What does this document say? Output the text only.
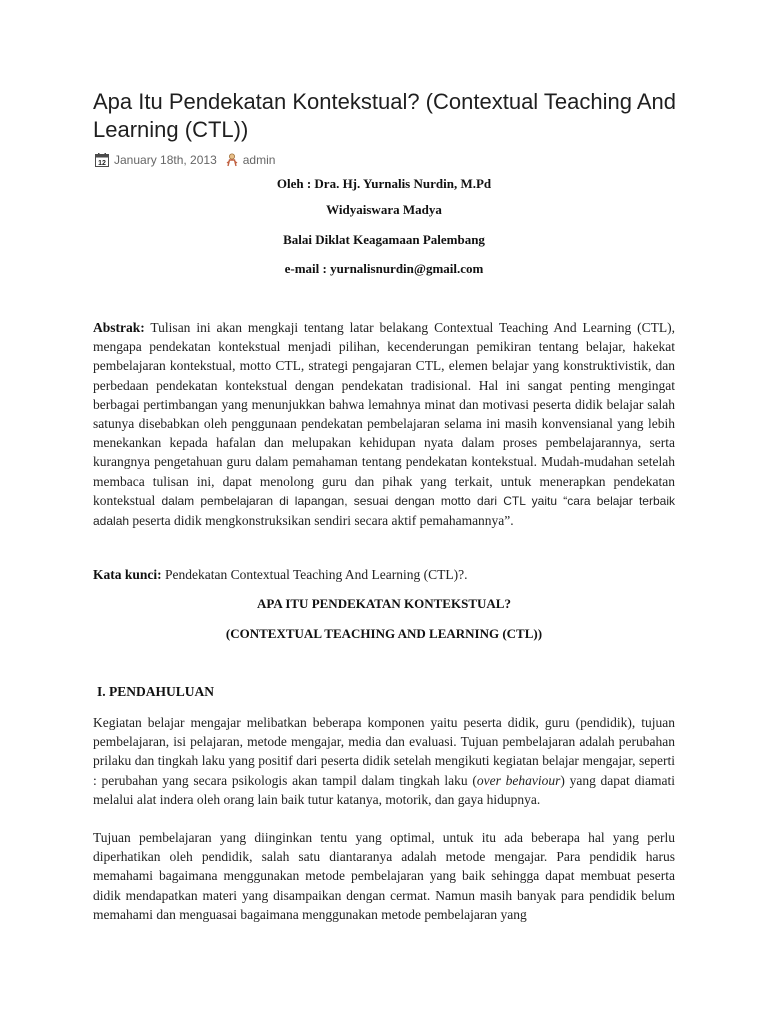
Apa Itu Pendekatan Kontekstual? (Contextual Teaching And Learning (CTL))
12 January 18th, 2013 admin
Oleh : Dra. Hj. Yurnalis Nurdin, M.Pd
Widyaiswara Madya
Balai Diklat Keagamaan Palembang
e-mail : yurnalisnurdin@gmail.com

Abstrak: Tulisan ini akan mengkaji tentang latar belakang Contextual Teaching And Learning (CTL), mengapa pendekatan kontekstual menjadi pilihan, kecenderungan pemikiran tentang belajar, hakekat pembelajaran kontekstual, motto CTL, strategi pengajaran CTL, elemen belajar yang konstruktivistik, dan perbedaan pendekatan kontekstual dengan pendekatan tradisional. Hal ini sangat penting mengingat berbagai pertimbangan yang menunjukkan bahwa lemahnya minat dan motivasi peserta didik belajar salah satunya disebabkan oleh penggunaan pendekatan pembelajaran selama ini masih konvensianal yang lebih menekankan kepada hafalan dan melupakan kehidupan nyata dalam proses pembelajarannya, serta kurangnya pengetahuan guru dalam pemahaman tentang pendekatan kontekstual. Mudah-mudahan setelah membaca tulisan ini, dapat menolong guru dan pihak yang terkait, untuk menerapkan pendekatan kontekstual dalam pembelajaran di lapangan, sesuai dengan motto dari CTL yaitu “cara belajar terbaik adalah peserta didik mengkonstruksikan sendiri secara aktif pemahamannya”.

Kata kunci: Pendekatan Contextual Teaching And Learning (CTL)?.

APA ITU PENDEKATAN KONTEKSTUAL?
(CONTEXTUAL TEACHING AND LEARNING (CTL))
I. PENDAHULUAN

Kegiatan belajar mengajar melibatkan beberapa komponen yaitu peserta didik, guru (pendidik), tujuan pembelajaran, isi pelajaran, metode mengajar, media dan evaluasi. Tujuan pembelajaran adalah perubahan prilaku dan tingkah laku yang positif dari peserta didik setelah mengikuti kegiatan belajar mengajar, seperti : perubahan yang secara psikologis akan tampil dalam tingkah laku (over behaviour) yang dapat diamati melalui alat indera oleh orang lain baik tutur katanya, motorik, dan gaya hidupnya.

Tujuan pembelajaran yang diinginkan tentu yang optimal, untuk itu ada beberapa hal yang perlu diperhatikan oleh pendidik, salah satu diantaranya adalah metode mengajar. Para pendidik harus memahami bagaimana menggunakan metode pembelajaran yang baik sehingga dapat membuat peserta didik mendapatkan materi yang disampaikan dengan cermat. Namun masih banyak para pendidik belum memahami dan menguasai bagaimana menggunakan metode pembelajaran yang
